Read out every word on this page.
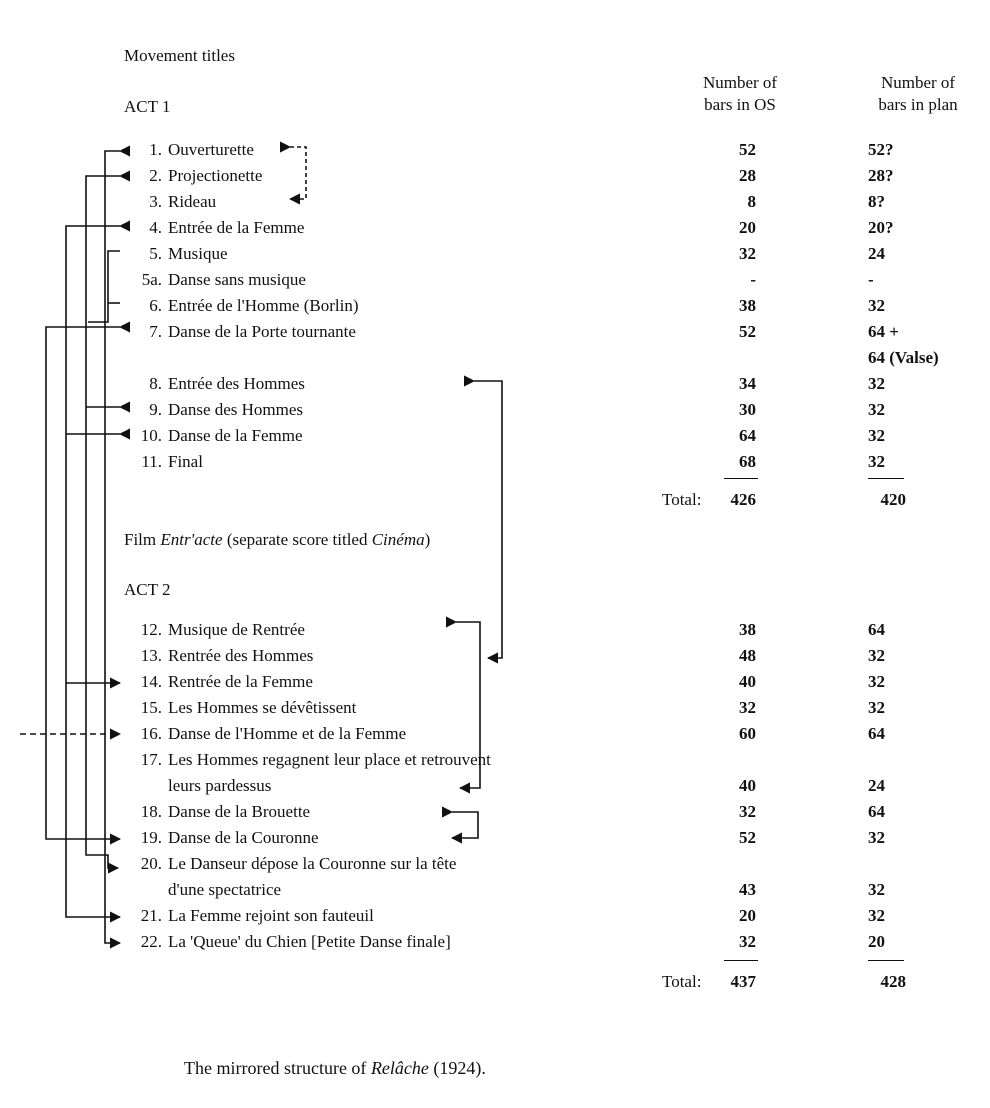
Movement titles
Number of
bars in OS
Number of
bars in plan
ACT 1
1. Ouverturette	52	52?
2. Projectionette	28	28?
3. Rideau	8	8?
4. Entrée de la Femme	20	20?
5. Musique	32	24
5a. Danse sans musique	-	-
6. Entrée de l'Homme (Borlin)	38	32
7. Danse de la Porte tournante	52	64 +
64 (Valse)
8. Entrée des Hommes	34	32
9. Danse des Hommes	30	32
10. Danse de la Femme	64	32
11. Final	68	32
Total:	426	420
Film Entr'acte (separate score titled Cinéma)
ACT 2
12. Musique de Rentrée	38	64
13. Rentrée des Hommes	48	32
14. Rentrée de la Femme	40	32
15. Les Hommes se dévêtissent	32	32
16. Danse de l'Homme et de la Femme	60	64
17. Les Hommes regagnent leur place et retrouvent
leurs pardessus	40	24
18. Danse de la Brouette	32	64
19. Danse de la Couronne	52	32
20. Le Danseur dépose la Couronne sur la tête
d'une spectatrice	43	32
21. La Femme rejoint son fauteuil	20	32
22. La 'Queue' du Chien [Petite Danse finale]	32	20
Total:	437	428
The mirrored structure of Relâche (1924).
